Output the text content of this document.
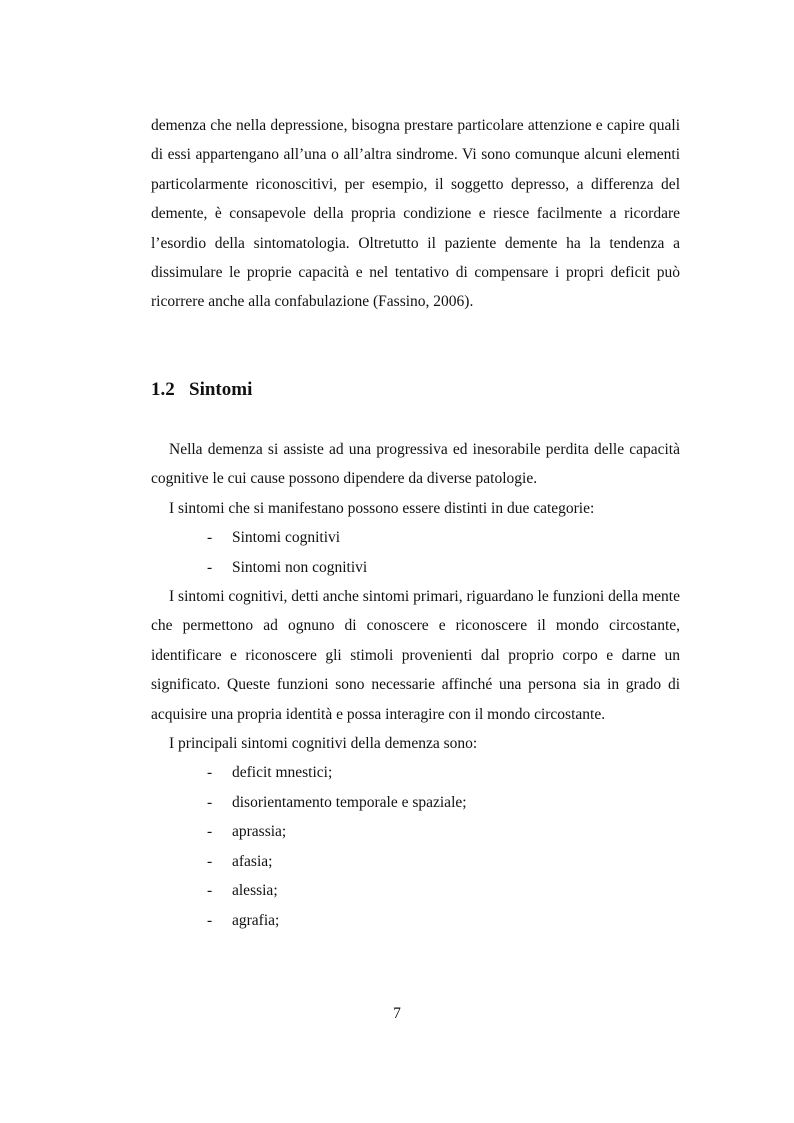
demenza che nella depressione, bisogna prestare particolare attenzione e capire quali di essi appartengano all’una o all’altra sindrome. Vi sono comunque alcuni elementi particolarmente riconoscitivi, per esempio, il soggetto depresso, a differenza del demente, è consapevole della propria condizione e riesce facilmente a ricordare l’esordio della sintomatologia. Oltretutto il paziente demente ha la tendenza a dissimulare le proprie capacità e nel tentativo di compensare i propri deficit può ricorrere anche alla confabulazione (Fassino, 2006).
1.2 Sintomi

Nella demenza si assiste ad una progressiva ed inesorabile perdita delle capacità cognitive le cui cause possono dipendere da diverse patologie.

I sintomi che si manifestano possono essere distinti in due categorie:

- Sintomi cognitivi
- Sintomi non cognitivi

I sintomi cognitivi, detti anche sintomi primari, riguardano le funzioni della mente che permettono ad ognuno di conoscere e riconoscere il mondo circostante, identificare e riconoscere gli stimoli provenienti dal proprio corpo e darne un significato. Queste funzioni sono necessarie affinché una persona sia in grado di acquisire una propria identità e possa interagire con il mondo circostante.

I principali sintomi cognitivi della demenza sono:

- deficit mnestici;
- disorientamento temporale e spaziale;
- aprassia;
- afasia;
- alessia;
- agrafia;
7
